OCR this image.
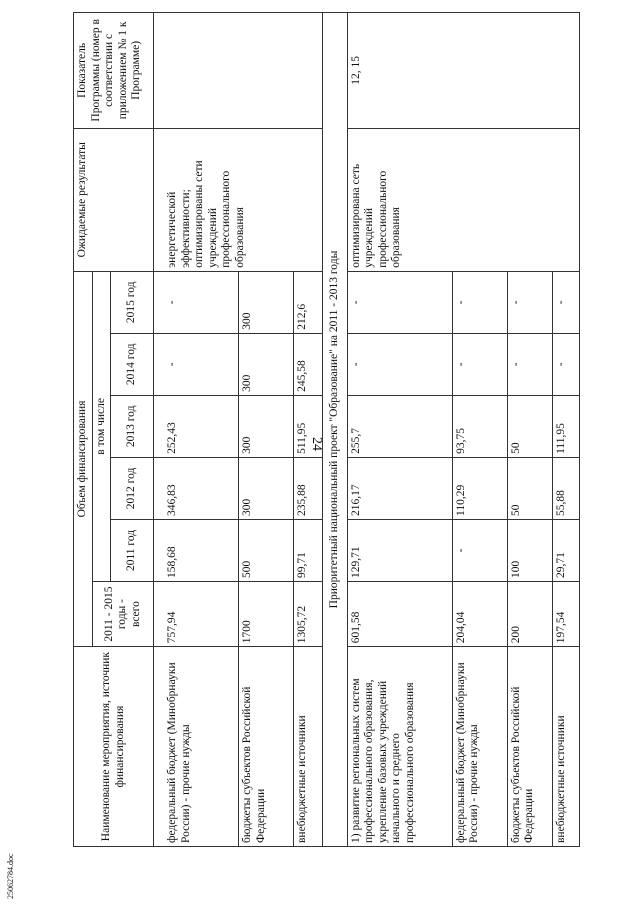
24
Наименование мероприятия, источник финансирования	Объем финансирования						Ожидаемые результаты	Показатель Программы (номер в соответствии с приложением № 1 к Программе)
	2011 - 2015 годы - всего	в том числе						
		2011 год	2012 год	2013 год	2014 год	2015 год		
федеральный бюджет (Минобрнауки России) - прочие нужды	757,94	158,68	346,83	252,43	-	-	энергетической эффективности; оптимизированы сети учреждений профессионального образования	
бюджеты субъектов Российской Федерации	1700	500	300	300	300	300		
внебюджетные источники	1305,72	99,71	235,88	511,95	245,58	212,6		
Приоритетный национальный проект "Образование" на 2011 - 2013 годы								
1) развитие региональных систем профессионального образования, укрепление базовых учреждений начального и среднего профессионального образования	601,58	129,71	216,17	255,7	-	-	оптимизирована сеть учреждений профессионального образования	12, 15
федеральный бюджет (Минобрнауки России) - прочие нужды	204,04	-	110,29	93,75	-	-		
бюджеты субъектов Российской Федерации	200	100	50	50	-	-		
внебюджетные источники	197,54	29,71	55,88	111,95	-	-		
25062784.doc
